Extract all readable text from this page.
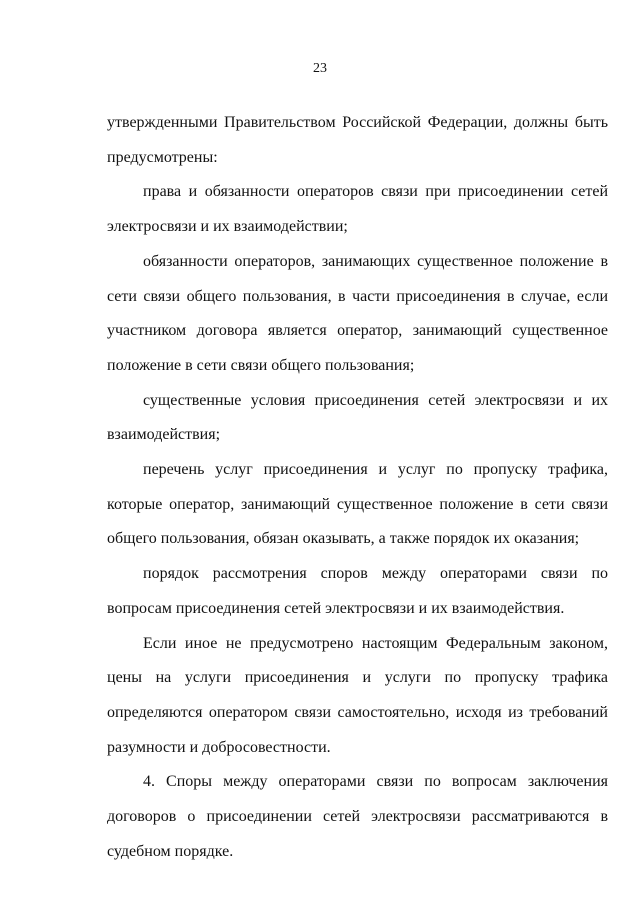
23

утвержденными Правительством Российской Федерации, должны быть предусмотрены:

права и обязанности операторов связи при присоединении сетей электросвязи и их взаимодействии;

обязанности операторов, занимающих существенное положение в сети связи общего пользования, в части присоединения в случае, если участником договора является оператор, занимающий существенное положение в сети связи общего пользования;

существенные условия присоединения сетей электросвязи и их взаимодействия;

перечень услуг присоединения и услуг по пропуску трафика, которые оператор, занимающий существенное положение в сети связи общего пользования, обязан оказывать, а также порядок их оказания;

порядок рассмотрения споров между операторами связи по вопросам присоединения сетей электросвязи и их взаимодействия.

Если иное не предусмотрено настоящим Федеральным законом, цены на услуги присоединения и услуги по пропуску трафика определяются оператором связи самостоятельно, исходя из требований разумности и добросовестности.

4. Споры между операторами связи по вопросам заключения договоров о присоединении сетей электросвязи рассматриваются в судебном порядке.
